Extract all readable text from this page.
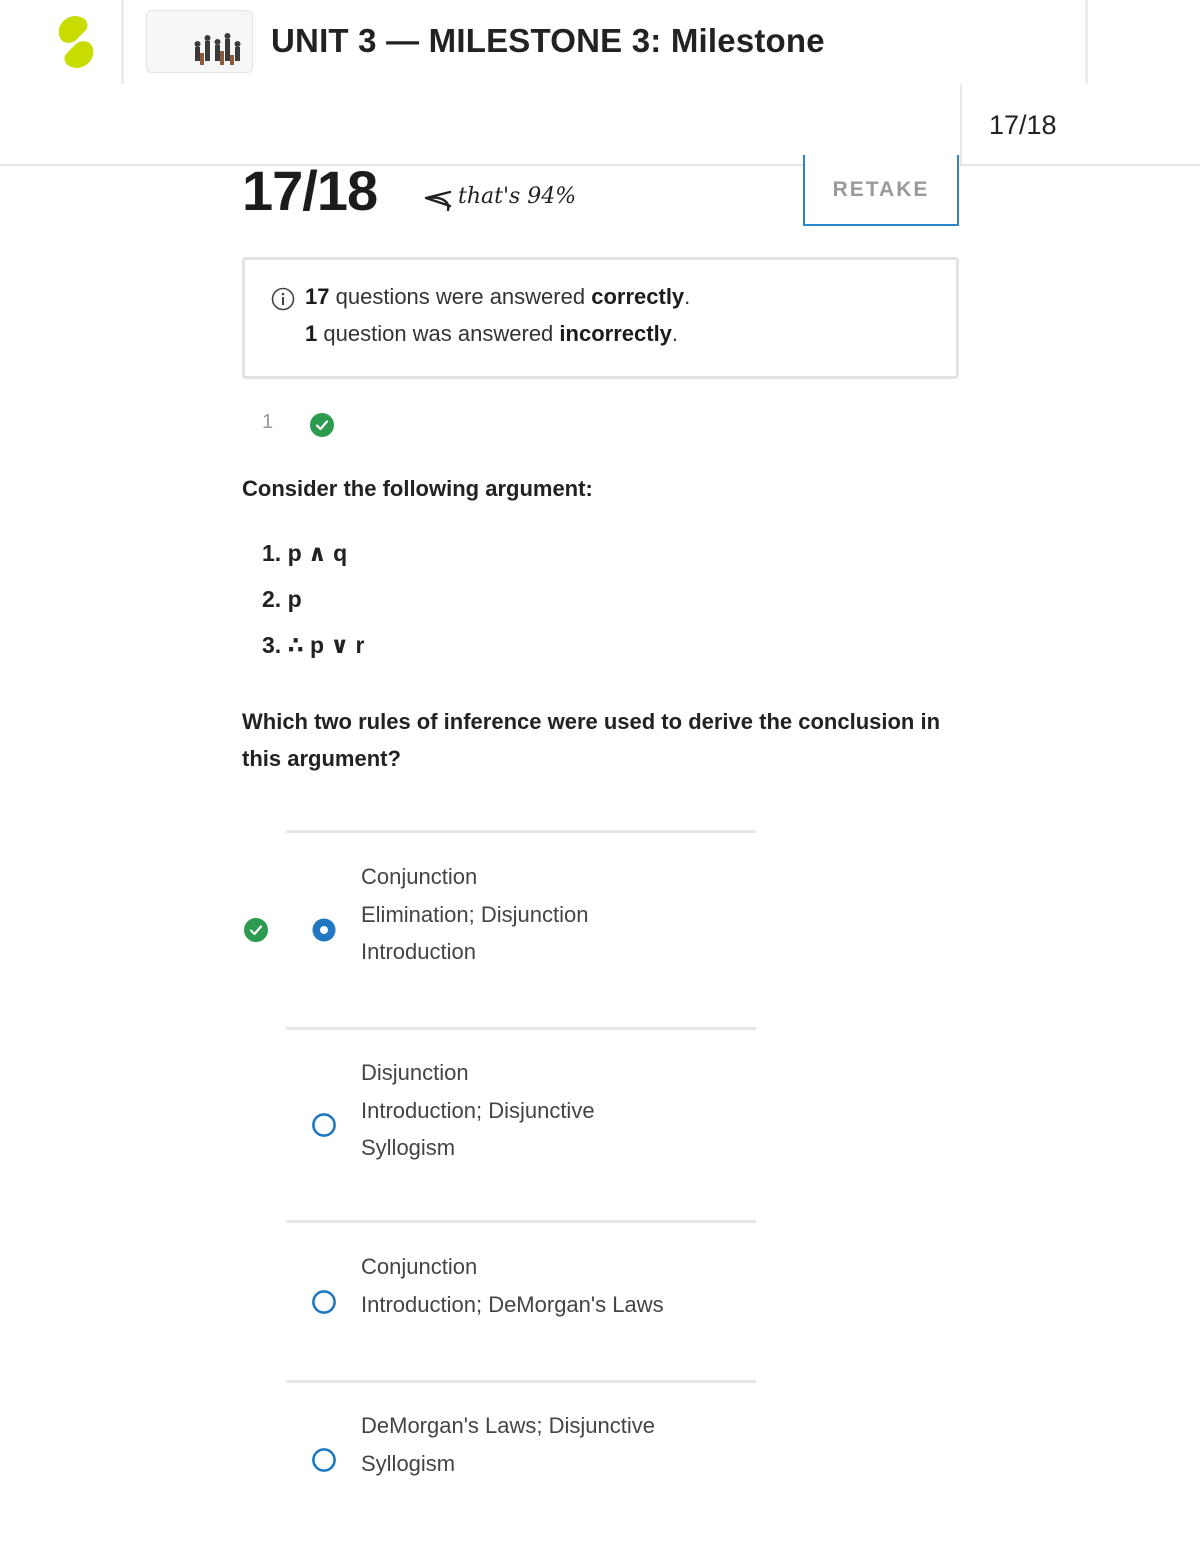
UNIT 3 — MILESTONE 3: Milestone
17/18
17/18	that's 94%	RETAKE
17 questions were answered correctly.
1 question was answered incorrectly.
1
Consider the following argument:
1. p ∧ q
2. p
3. ∴ p ∨ r
Which two rules of inference were used to derive the conclusion in this argument?
Conjunction
Elimination; Disjunction
Introduction
Disjunction
Introduction; Disjunctive
Syllogism
Conjunction
Introduction; DeMorgan's Laws
DeMorgan's Laws; Disjunctive
Syllogism
